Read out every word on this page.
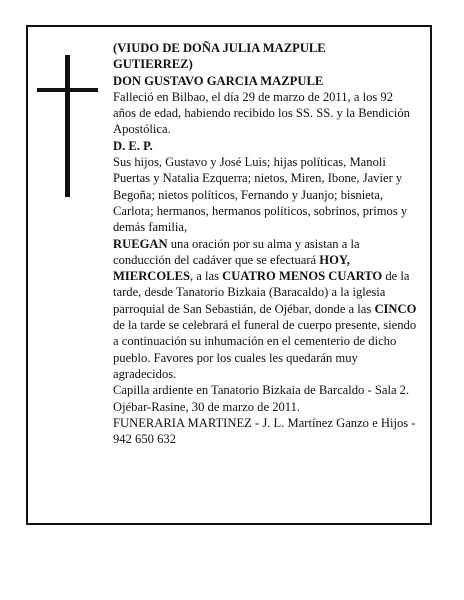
(VIUDO DE DOÑA JULIA MAZPULE
GUTIERREZ)

DON GUSTAVO GARCIA MAZPULE

Falleció en Bilbao, el día 29 de marzo de 2011, a los 92 años de edad, habiendo recibido los SS. SS. y la Bendición Apostólica.

D. E. P.

Sus hijos, Gustavo y José Luis; hijas políticas, Manoli Puertas y Natalia Ezquerra; nietos, Miren, Ibone, Javier y Begoña; nietos políticos, Fernando y Juanjo; bisnieta, Carlota; hermanos, hermanos políticos, sobrinos, primos y demás familia,

RUEGAN una oración por su alma y asistan a la conducción del cadáver que se efectuará HOY, MIERCOLES, a las CUATRO MENOS CUARTO de la tarde, desde Tanatorio Bizkaia (Baracaldo) a la iglesia parroquial de San Sebastián, de Ojébar, donde a las CINCO de la tarde se celebrará el funeral de cuerpo presente, siendo a continuación su inhumación en el cementerio de dicho pueblo. Favores por los cuales les quedarán muy agradecidos.

Capilla ardiente en Tanatorio Bizkaia de Barcaldo - Sala 2.

Ojébar-Rasine, 30 de marzo de 2011.

FUNERARIA MARTINEZ - J. L. Martínez Ganzo e Hijos - 942 650 632
